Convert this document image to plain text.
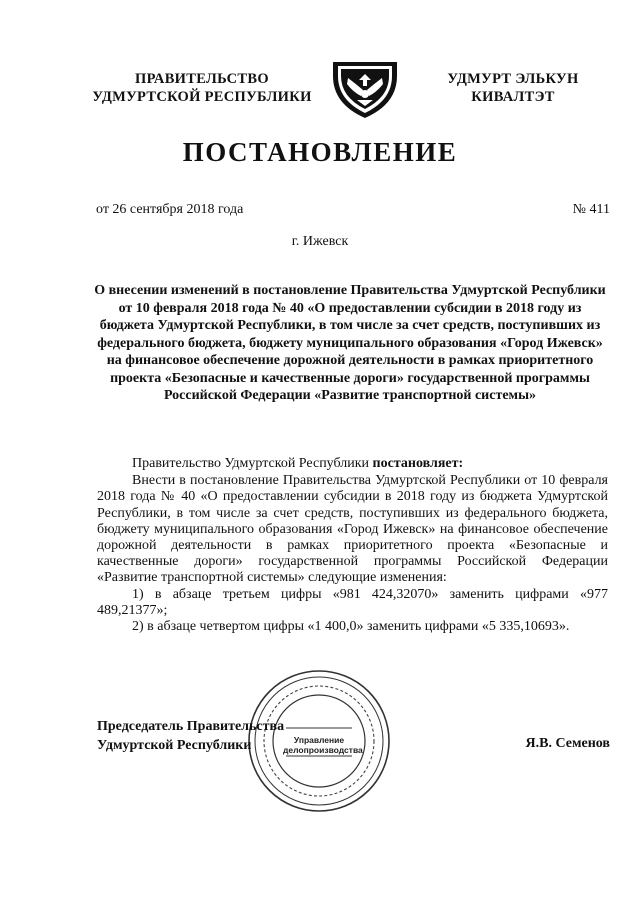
ПРАВИТЕЛЬСТВО
УДМУРТСКОЙ РЕСПУБЛИКИ
УДМУРТ ЭЛЬКУН
КИВАЛТЭТ
ПОСТАНОВЛЕНИЕ
от 26 сентября 2018 года	№ 411
г. Ижевск
О внесении изменений в постановление Правительства Удмуртской Республики от 10 февраля 2018 года № 40 «О предоставлении субсидии в 2018 году из бюджета Удмуртской Республики, в том числе за счет средств, поступивших из федерального бюджета, бюджету муниципального образования «Город Ижевск» на финансовое обеспечение дорожной деятельности в рамках приоритетного проекта «Безопасные и качественные дороги» государственной программы Российской Федерации «Развитие транспортной системы»

Правительство Удмуртской Республики постановляет:

Внести в постановление Правительства Удмуртской Республики от 10 февраля 2018 года № 40 «О предоставлении субсидии в 2018 году из бюджета Удмуртской Республики, в том числе за счет средств, поступивших из федерального бюджета, бюджету муниципального образования «Город Ижевск» на финансовое обеспечение дорожной деятельности в рамках приоритетного проекта «Безопасные и качественные дороги» государственной программы Российской Федерации «Развитие транспортной системы» следующие изменения:

1) в абзаце третьем цифры «981 424,32070» заменить цифрами «977 489,21377»;

2) в абзаце четвертом цифры «1 400,0» заменить цифрами «5 335,10693».

Управление
делопроизводства
Председатель Правительства
Удмуртской Республики	Я.В. Семенов
